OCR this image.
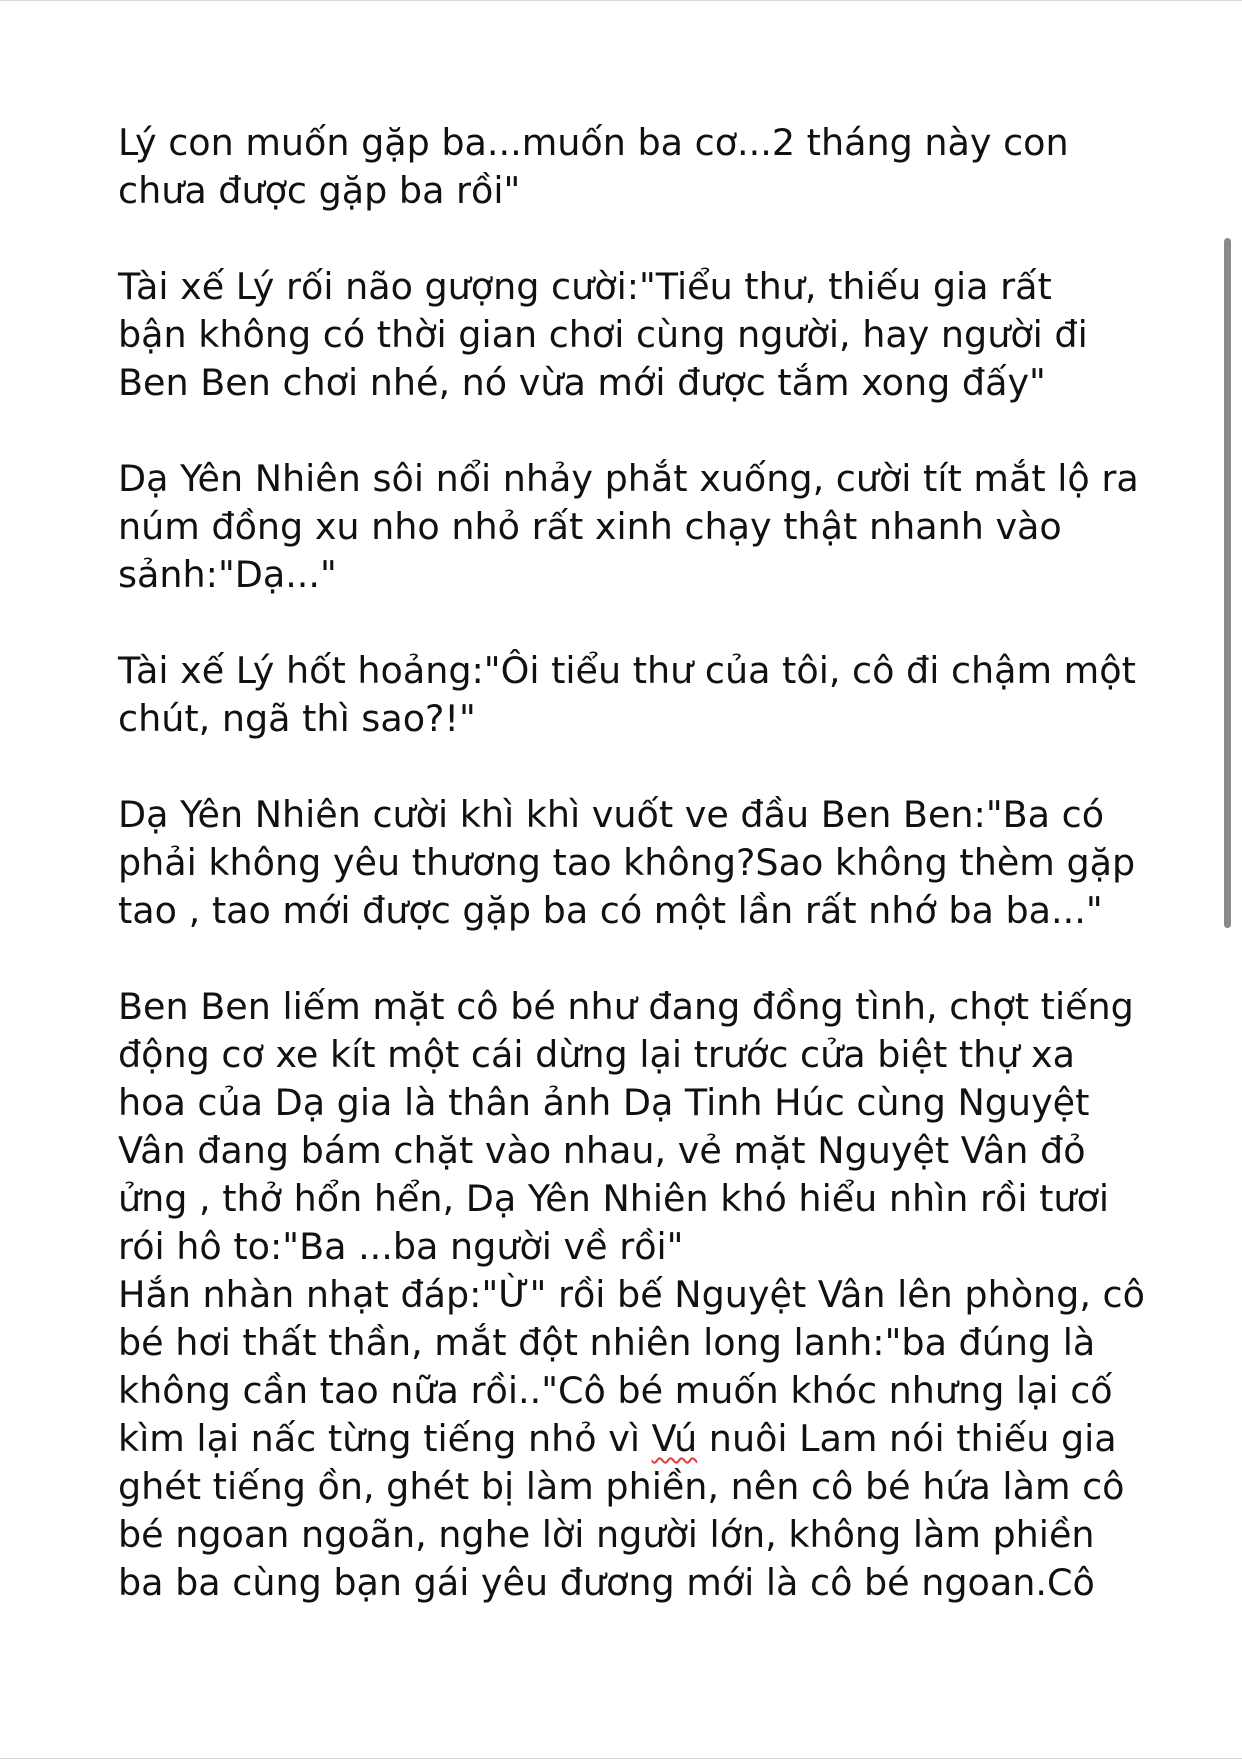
Lý con muốn gặp ba...muốn ba cơ...2 tháng này con
chưa được gặp ba rồi"
Tài xế Lý rối não gượng cười:"Tiểu thư, thiếu gia rất
bận không có thời gian chơi cùng người, hay người đi
Ben Ben chơi nhé, nó vừa mới được tắm xong đấy"
Dạ Yên Nhiên sôi nổi nhảy phắt xuống, cười tít mắt lộ ra
núm đồng xu nho nhỏ rất xinh chạy thật nhanh vào
sảnh:"Dạ..."
Tài xế Lý hốt hoảng:"Ôi tiểu thư của tôi, cô đi chậm một
chút, ngã thì sao?!"
Dạ Yên Nhiên cười khì khì vuốt ve đầu Ben Ben:"Ba có
phải không yêu thương tao không?Sao không thèm gặp
tao , tao mới được gặp ba có một lần rất nhớ ba ba..."
Ben Ben liếm mặt cô bé như đang đồng tình, chợt tiếng
động cơ xe kít một cái dừng lại trước cửa biệt thự xa
hoa của Dạ gia là thân ảnh Dạ Tinh Húc cùng Nguyệt
Vân đang bám chặt vào nhau, vẻ mặt Nguyệt Vân đỏ
ửng , thở hổn hển, Dạ Yên Nhiên khó hiểu nhìn rồi tươi
rói hô to:"Ba ...ba người về rồi"
Hắn nhàn nhạt đáp:"Ừ" rồi bế Nguyệt Vân lên phòng, cô
bé hơi thất thần, mắt đột nhiên long lanh:"ba đúng là
không cần tao nữa rồi.."Cô bé muốn khóc nhưng lại cố
kìm lại nấc từng tiếng nhỏ vì Vú nuôi Lam nói thiếu gia
ghét tiếng ồn, ghét bị làm phiền, nên cô bé hứa làm cô
bé ngoan ngoãn, nghe lời người lớn, không làm phiền
ba ba cùng bạn gái yêu đương mới là cô bé ngoan.Cô
